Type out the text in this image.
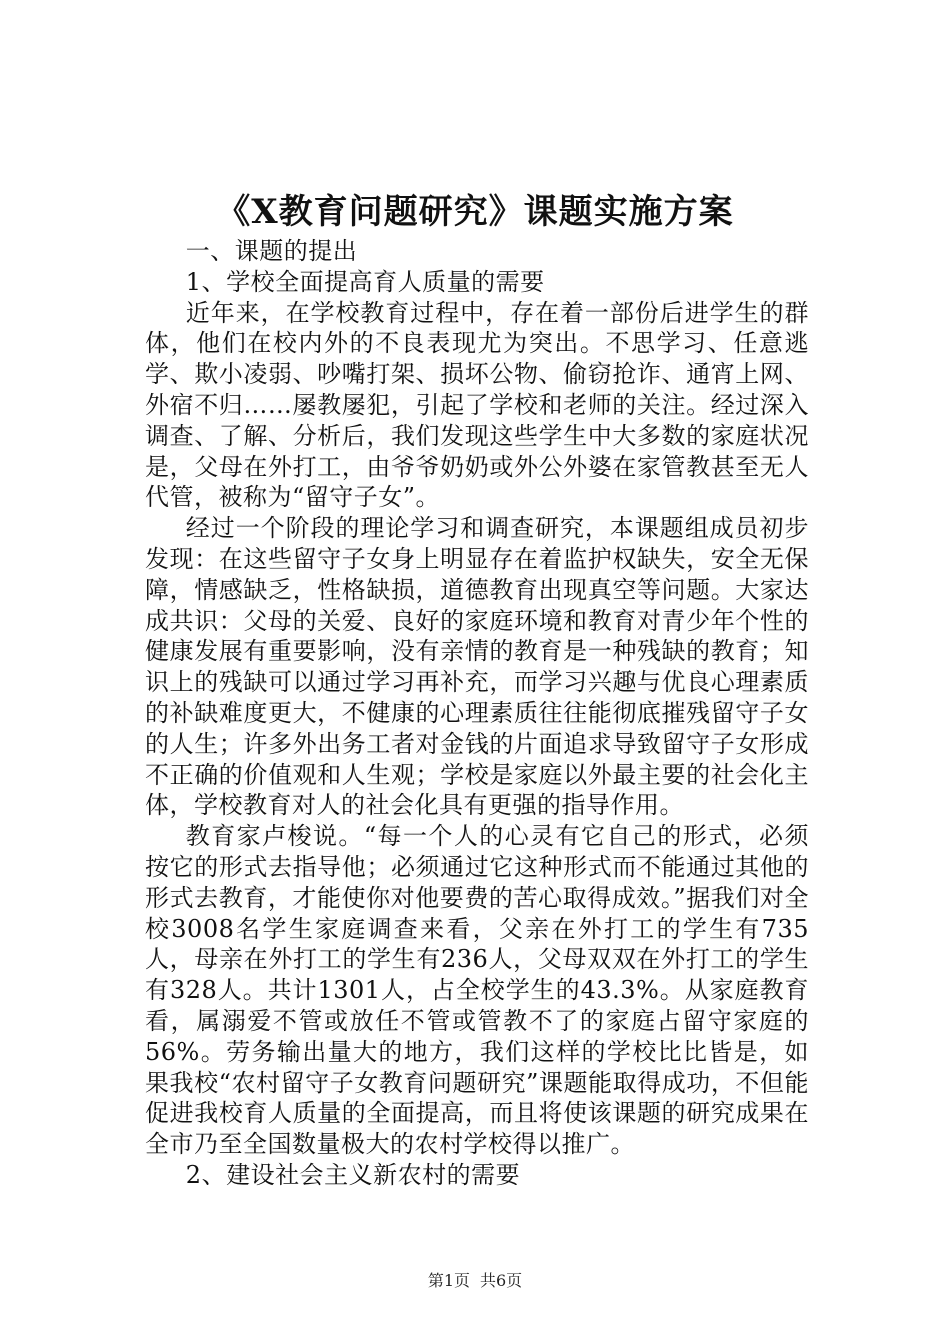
《X教育问题研究》课题实施方案

一、课题的提出

1、学校全面提高育人质量的需要

近年来，在学校教育过程中，存在着一部份后进学生的群体，他们在校内外的不良表现尤为突出。不思学习、任意逃学、欺小凌弱、吵嘴打架、损坏公物、偷窃抢诈、通宵上网、外宿不归……屡教屡犯，引起了学校和老师的关注。经过深入调查、了解、分析后，我们发现这些学生中大多数的家庭状况是，父母在外打工，由爷爷奶奶或外公外婆在家管教甚至无人代管，被称为“留守子女”。

经过一个阶段的理论学习和调查研究，本课题组成员初步发现：在这些留守子女身上明显存在着监护权缺失，安全无保障，情感缺乏，性格缺损，道德教育出现真空等问题。大家达成共识：父母的关爱、良好的家庭环境和教育对青少年个性的健康发展有重要影响，没有亲情的教育是一种残缺的教育；知识上的残缺可以通过学习再补充，而学习兴趣与优良心理素质的补缺难度更大，不健康的心理素质往往能彻底摧残留守子女的人生；许多外出务工者对金钱的片面追求导致留守子女形成不正确的价值观和人生观；学校是家庭以外最主要的社会化主体，学校教育对人的社会化具有更强的指导作用。

教育家卢梭说。“每一个人的心灵有它自己的形式，必须按它的形式去指导他；必须通过它这种形式而不能通过其他的形式去教育，才能使你对他要费的苦心取得成效。”据我们对全校3008名学生家庭调查来看，父亲在外打工的学生有735人，母亲在外打工的学生有236人，父母双双在外打工的学生有328人。共计1301人，占全校学生的43.3%。从家庭教育看，属溺爱不管或放任不管或管教不了的家庭占留守家庭的56%。劳务输出量大的地方，我们这样的学校比比皆是，如果我校“农村留守子女教育问题研究”课题能取得成功，不但能促进我校育人质量的全面提高，而且将使该课题的研究成果在全市乃至全国数量极大的农村学校得以推广。

2、建设社会主义新农村的需要

第1页 共6页
